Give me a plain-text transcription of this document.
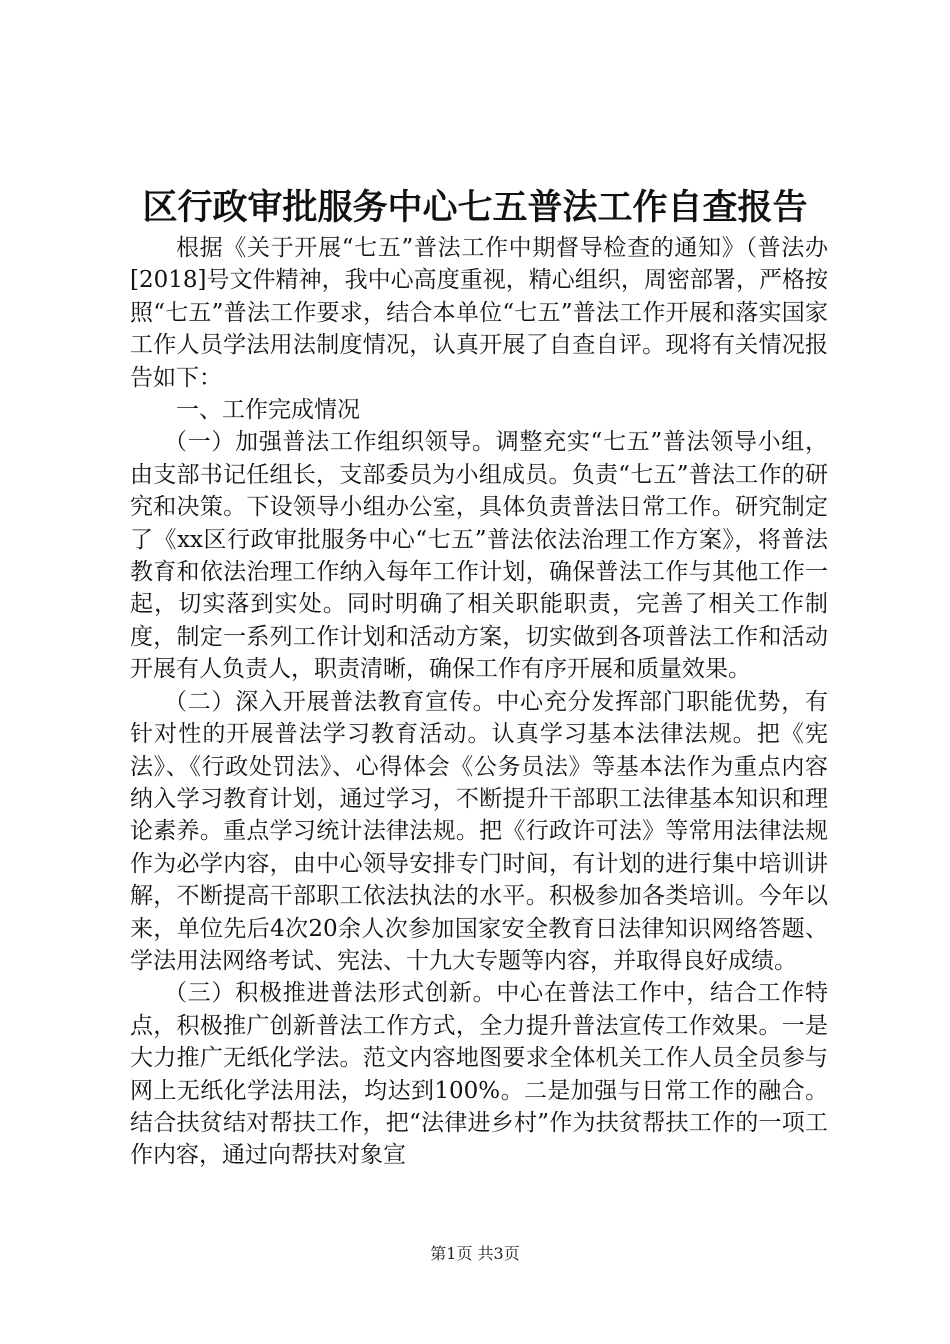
区行政审批服务中心七五普法工作自查报告

根据《关于开展“七五”普法工作中期督导检查的通知》（普法办[2018]号文件精神，我中心高度重视，精心组织，周密部署，严格按照“七五”普法工作要求，结合本单位“七五”普法工作开展和落实国家工作人员学法用法制度情况，认真开展了自查自评。现将有关情况报告如下：

一、工作完成情况

（一）加强普法工作组织领导。调整充实“七五”普法领导小组，由支部书记任组长，支部委员为小组成员。负责“七五”普法工作的研究和决策。下设领导小组办公室，具体负责普法日常工作。研究制定了《xx区行政审批服务中心“七五”普法依法治理工作方案》，将普法教育和依法治理工作纳入每年工作计划，确保普法工作与其他工作一起，切实落到实处。同时明确了相关职能职责，完善了相关工作制度，制定一系列工作计划和活动方案，切实做到各项普法工作和活动开展有人负责人，职责清晰，确保工作有序开展和质量效果。

（二）深入开展普法教育宣传。中心充分发挥部门职能优势，有针对性的开展普法学习教育活动。认真学习基本法律法规。把《宪法》、《行政处罚法》、心得体会《公务员法》等基本法作为重点内容纳入学习教育计划，通过学习，不断提升干部职工法律基本知识和理论素养。重点学习统计法律法规。把《行政许可法》等常用法律法规作为必学内容，由中心领导安排专门时间，有计划的进行集中培训讲解，不断提高干部职工依法执法的水平。积极参加各类培训。今年以来，单位先后4次20余人次参加国家安全教育日法律知识网络答题、学法用法网络考试、宪法、十九大专题等内容，并取得良好成绩。

（三）积极推进普法形式创新。中心在普法工作中，结合工作特点，积极推广创新普法工作方式，全力提升普法宣传工作效果。一是大力推广无纸化学法。范文内容地图要求全体机关工作人员全员参与网上无纸化学法用法，均达到100%。二是加强与日常工作的融合。结合扶贫结对帮扶工作，把“法律进乡村”作为扶贫帮扶工作的一项工作内容，通过向帮扶对象宣

第1页 共3页
